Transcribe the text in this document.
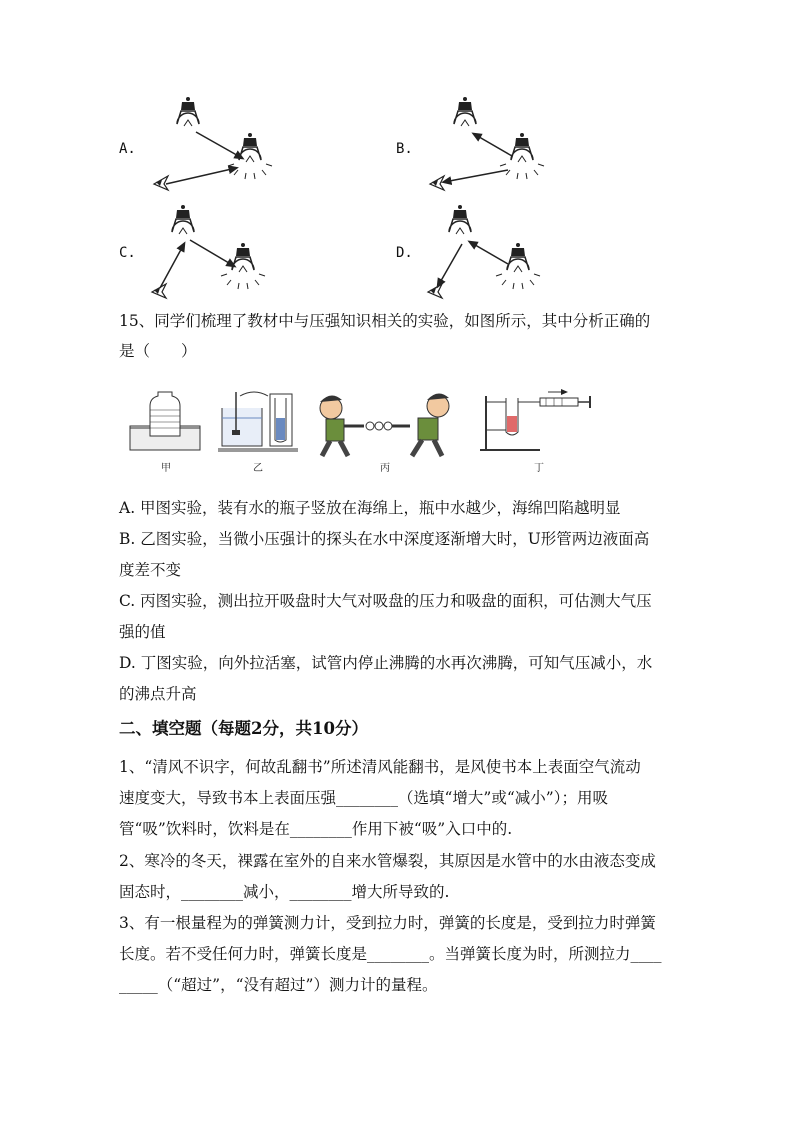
A.	B.
C.	D.
15、同学们梳理了教材中与压强知识相关的实验，如图所示，其中分析正确的
是（　　）
甲	乙	丙	丁
A. 甲图实验，装有水的瓶子竖放在海绵上，瓶中水越少，海绵凹陷越明显
B. 乙图实验，当微小压强计的探头在水中深度逐渐增大时，U形管两边液面高
度差不变
C. 丙图实验，测出拉开吸盘时大气对吸盘的压力和吸盘的面积，可估测大气压
强的值
D. 丁图实验，向外拉活塞，试管内停止沸腾的水再次沸腾，可知气压减小，水
的沸点升高
二、填空题（每题2分，共10分）
1、“清风不识字，何故乱翻书”所述清风能翻书，是风使书本上表面空气流动
速度变大，导致书本上表面压强________（选填“增大”或“减小”）；用吸
管“吸”饮料时，饮料是在________作用下被“吸”入口中的.
2、寒冷的冬天，裸露在室外的自来水管爆裂，其原因是水管中的水由液态变成
固态时，________减小，________增大所导致的.
3、有一根量程为的弹簧测力计，受到拉力时，弹簧的长度是，受到拉力时弹簧
长度。若不受任何力时，弹簧长度是________。当弹簧长度为时，所测拉力____
_____（“超过”，“没有超过”）测力计的量程。
